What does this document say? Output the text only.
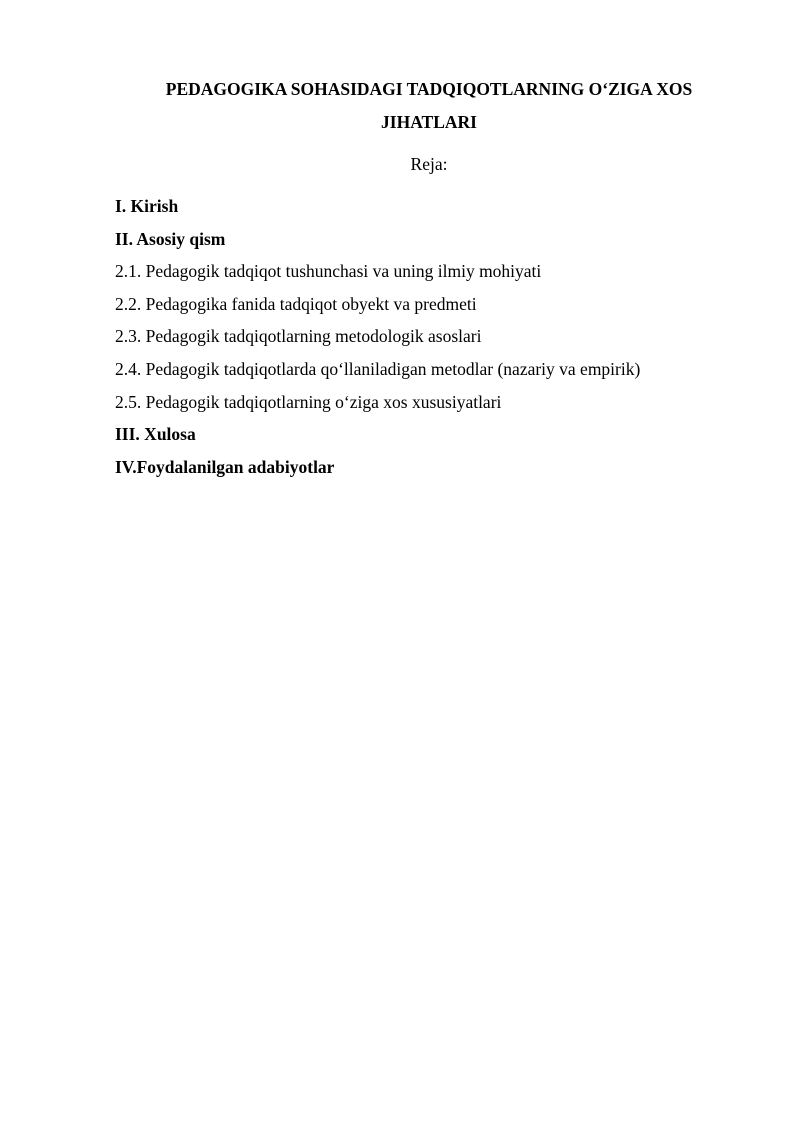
PEDAGOGIKA SOHASIDAGI TADQIQOTLARNING O‘ZIGA XOS JIHATLARI
Reja:
I. Kirish
II. Asosiy qism
2.1. Pedagogik tadqiqot tushunchasi va uning ilmiy mohiyati
2.2. Pedagogika fanida tadqiqot obyekt va predmeti
2.3. Pedagogik tadqiqotlarning metodologik asoslari
2.4. Pedagogik tadqiqotlarda qo‘llaniladigan metodlar (nazariy va empirik)
2.5. Pedagogik tadqiqotlarning o‘ziga xos xususiyatlari
III. Xulosa
IV.Foydalanilgan adabiyotlar
